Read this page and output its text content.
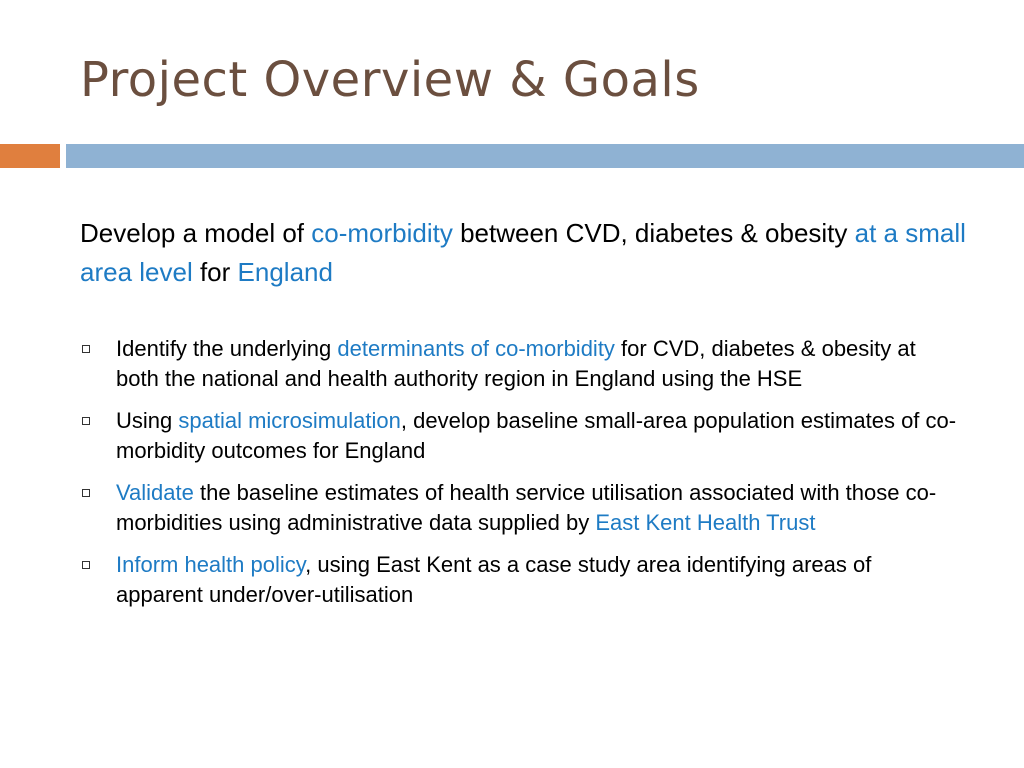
Project Overview & Goals

Develop a model of co-morbidity between CVD, diabetes & obesity at a small area level for England

Identify the underlying determinants of co-morbidity for CVD, diabetes & obesity at both the national and health authority region in England using the HSE
Using spatial microsimulation, develop baseline small-area population estimates of co-morbidity outcomes for England
Validate the baseline estimates of health service utilisation associated with those co-morbidities using administrative data supplied by East Kent Health Trust
Inform health policy, using East Kent as a case study area identifying areas of apparent under/over-utilisation
